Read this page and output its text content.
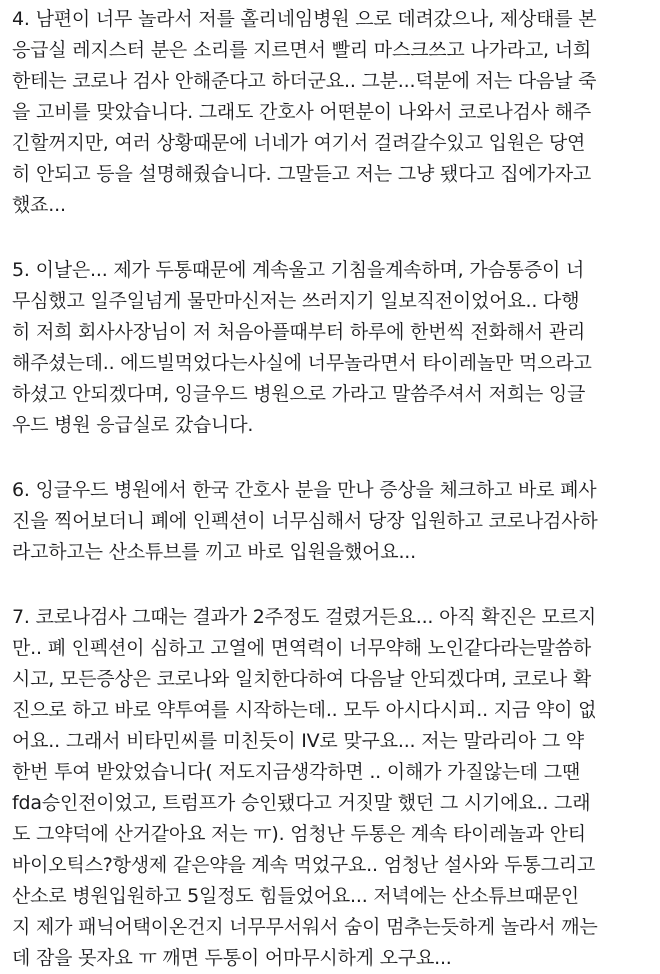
4. 남편이 너무 놀라서 저를 홀리네임병원 으로 데려갔으나, 제상태를 본
응급실 레지스터 분은 소리를 지르면서 빨리 마스크쓰고 나가라고, 너희
한테는 코로나 검사 안해준다고 하더군요.. 그분...덕분에 저는 다음날 죽
을 고비를 맞았습니다. 그래도 간호사 어떤분이 나와서 코로나검사 해주
긴할꺼지만, 여러 상황때문에 너네가 여기서 걸려갈수있고 입원은 당연
히 안되고 등을 설명해줬습니다. 그말듣고 저는 그냥 됐다고 집에가자고
했죠...
5. 이날은... 제가 두통때문에 계속울고 기침을계속하며, 가슴통증이 너
무심했고 일주일넘게 물만마신저는 쓰러지기 일보직전이었어요.. 다행
히 저희 회사사장님이 저 처음아플때부터 하루에 한번씩 전화해서 관리
해주셨는데.. 에드빌먹었다는사실에 너무놀라면서 타이레놀만 먹으라고
하셨고 안되겠다며, 잉글우드 병원으로 가라고 말씀주셔서 저희는 잉글
우드 병원 응급실로 갔습니다.
6. 잉글우드 병원에서 한국 간호사 분을 만나 증상을 체크하고 바로 폐사
진을 찍어보더니 폐에 인펙션이 너무심해서 당장 입원하고 코로나검사하
라고하고는 산소튜브를 끼고 바로 입원을했어요...
7. 코로나검사 그때는 결과가 2주정도 걸렸거든요... 아직 확진은 모르지
만.. 폐 인펙션이 심하고 고열에 면역력이 너무약해 노인같다라는말씀하
시고, 모든증상은 코로나와 일치한다하여 다음날 안되겠다며, 코로나 확
진으로 하고 바로 약투여를 시작하는데.. 모두 아시다시피.. 지금 약이 없
어요.. 그래서 비타민씨를 미친듯이 IV로 맞구요... 저는 말라리아 그 약
한번 투여 받았었습니다( 저도지금생각하면 .. 이해가 가질않는데 그땐
fda승인전이었고, 트럼프가 승인됐다고 거짓말 했던 그 시기에요.. 그래
도 그약덕에 산거같아요 저는 ㅠ). 엄청난 두통은 계속 타이레놀과 안티
바이오틱스?항생제 같은약을 계속 먹었구요.. 엄청난 설사와 두통그리고
산소로 병원입원하고 5일정도 힘들었어요... 저녁에는 산소튜브때문인
지 제가 패닉어택이온건지 너무무서워서 숨이 멈추는듯하게 놀라서 깨는
데 잠을 못자요 ㅠ 깨면 두통이 어마무시하게 오구요...
